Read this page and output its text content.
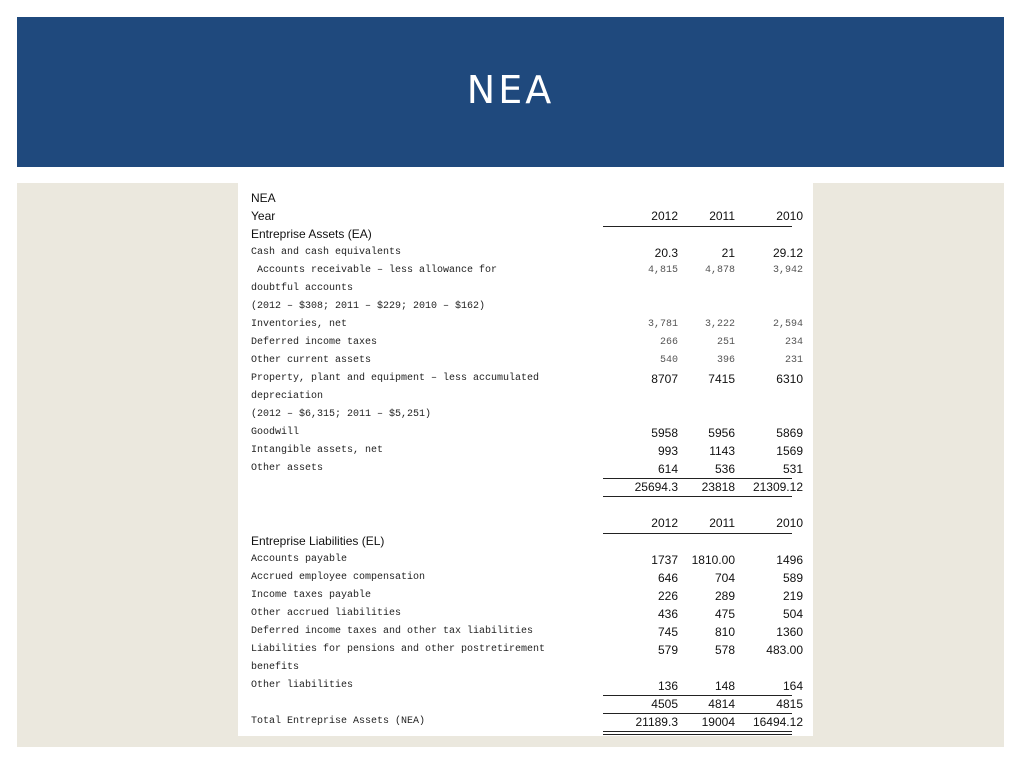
NEA
NEA
Year	2012	2011	2010
Entreprise Assets (EA)
Cash and cash equivalents	20.3	21	29.12
Accounts receivable – less allowance for	4,815	4,878	3,942
doubtful accounts
(2012 – $308; 2011 – $229; 2010 – $162)
Inventories, net	3,781	3,222	2,594
Deferred income taxes	266	251	234
Other current assets	540	396	231
Property, plant and equipment – less accumulated	8707	7415	6310
depreciation
(2012 – $6,315; 2011 – $5,251)
Goodwill	5958	5956	5869
Intangible assets, net	993	1143	1569
Other assets	614	536	531
25694.3	23818	21309.12
2012	2011	2010
Entreprise Liabilities (EL)
Accounts payable	1737	1810.00	1496
Accrued employee compensation	646	704	589
Income taxes payable	226	289	219
Other accrued liabilities	436	475	504
Deferred income taxes and other tax liabilities	745	810	1360
Liabilities for pensions and other postretirement	579	578	483.00
benefits
Other liabilities	136	148	164
4505	4814	4815
Total Entreprise Assets (NEA)	21189.3	19004	16494.12
